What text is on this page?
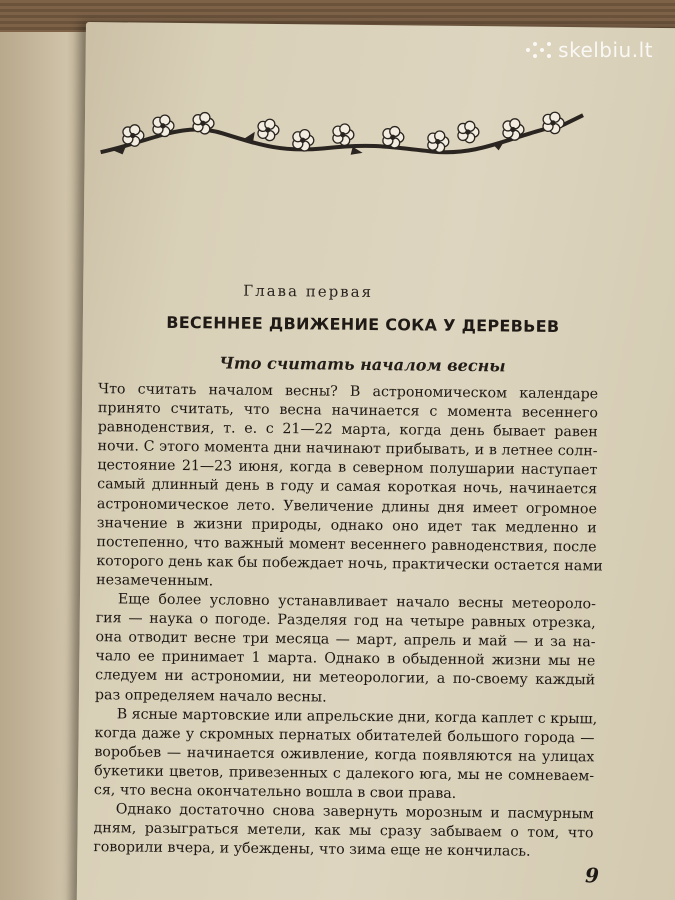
skelbiu.lt
Глава первая
ВЕСЕННЕЕ ДВИЖЕНИЕ СОКА У ДЕРЕВЬЕВ
Что считать началом весны

Что считать началом весны? В астрономическом календаре
принято считать, что весна начинается с момента весеннего
равноденствия, т. е. с 21—22 марта, когда день бывает равен
ночи. С этого момента дни начинают прибывать, и в летнее солн-
цестояние 21—23 июня, когда в северном полушарии наступает
самый длинный день в году и самая короткая ночь, начинается
астрономическое лето. Увеличение длины дня имеет огромное
значение в жизни природы, однако оно идет так медленно и
постепенно, что важный момент весеннего равноденствия, после
которого день как бы побеждает ночь, практически остается нами
незамеченным.

Еще более условно устанавливает начало весны метеороло-
гия — наука о погоде. Разделяя год на четыре равных отрезка,
она отводит весне три месяца — март, апрель и май — и за на-
чало ее принимает 1 марта. Однако в обыденной жизни мы не
следуем ни астрономии, ни метеорологии, а по-своему каждый
раз определяем начало весны.

В ясные мартовские или апрельские дни, когда каплет с крыш,
когда даже у скромных пернатых обитателей большого города —
воробьев — начинается оживление, когда появляются на улицах
букетики цветов, привезенных с далекого юга, мы не сомневаем-
ся, что весна окончательно вошла в свои права.

Однако достаточно снова завернуть морозным и пасмурным
дням, разыграться метели, как мы сразу забываем о том, что
говорили вчера, и убеждены, что зима еще не кончилась.

9
